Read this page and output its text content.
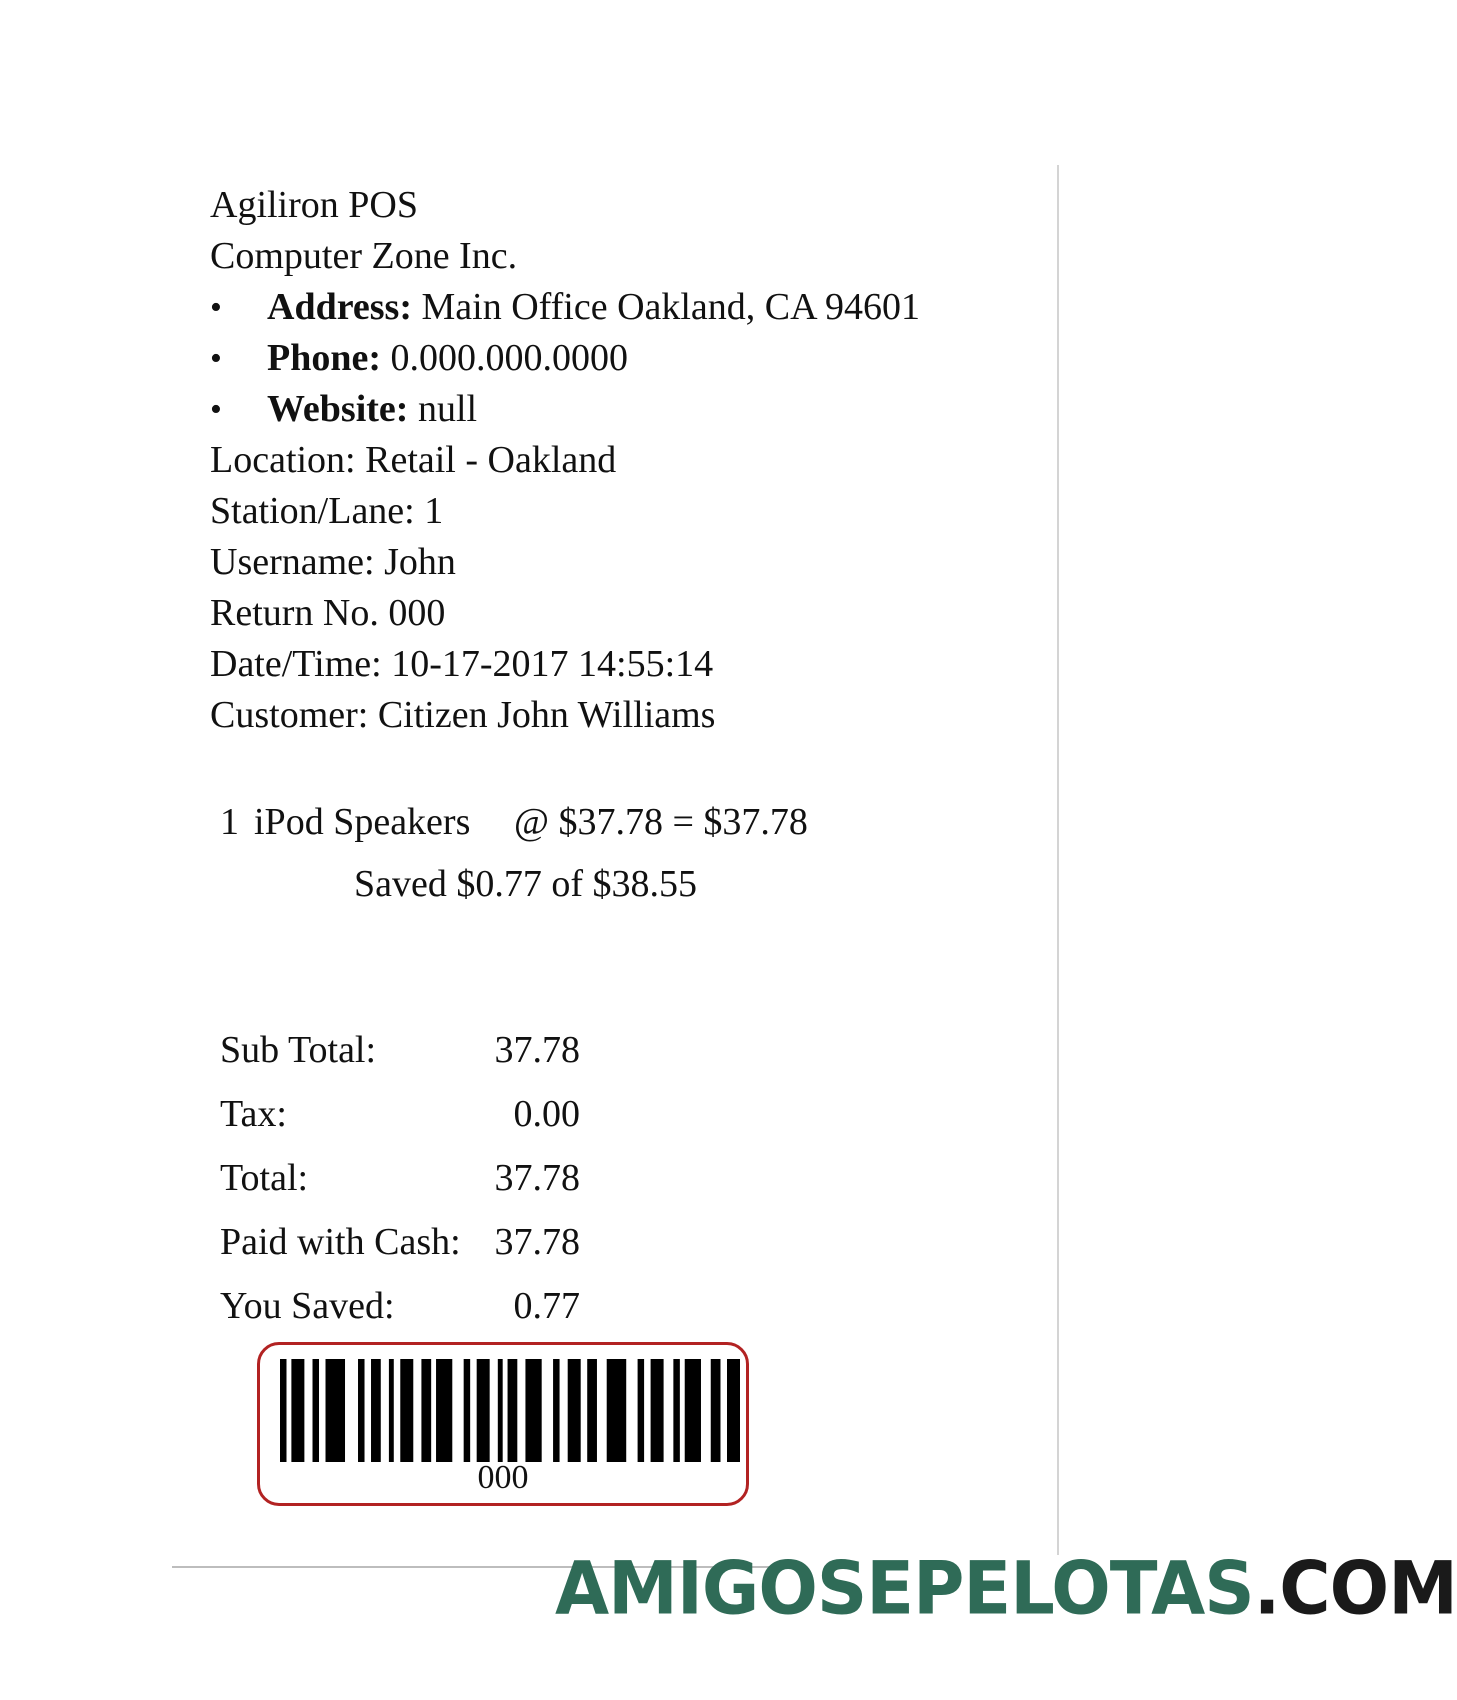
Agiliron POS
Computer Zone Inc.
• Address: Main Office Oakland, CA 94601
• Phone: 0.000.000.0000
• Website: null
Location: Retail - Oakland
Station/Lane: 1
Username: John
Return No. 000
Date/Time: 10-17-2017 14:55:14
Customer: Citizen John Williams
1 iPod Speakers @ $37.78 = $37.78
Saved $0.77 of $38.55
Sub Total:	37.78
Tax:	0.00
Total:	37.78
Paid with Cash: 37.78
You Saved:	0.77
000
AMIGOSEPELOTAS.COM
